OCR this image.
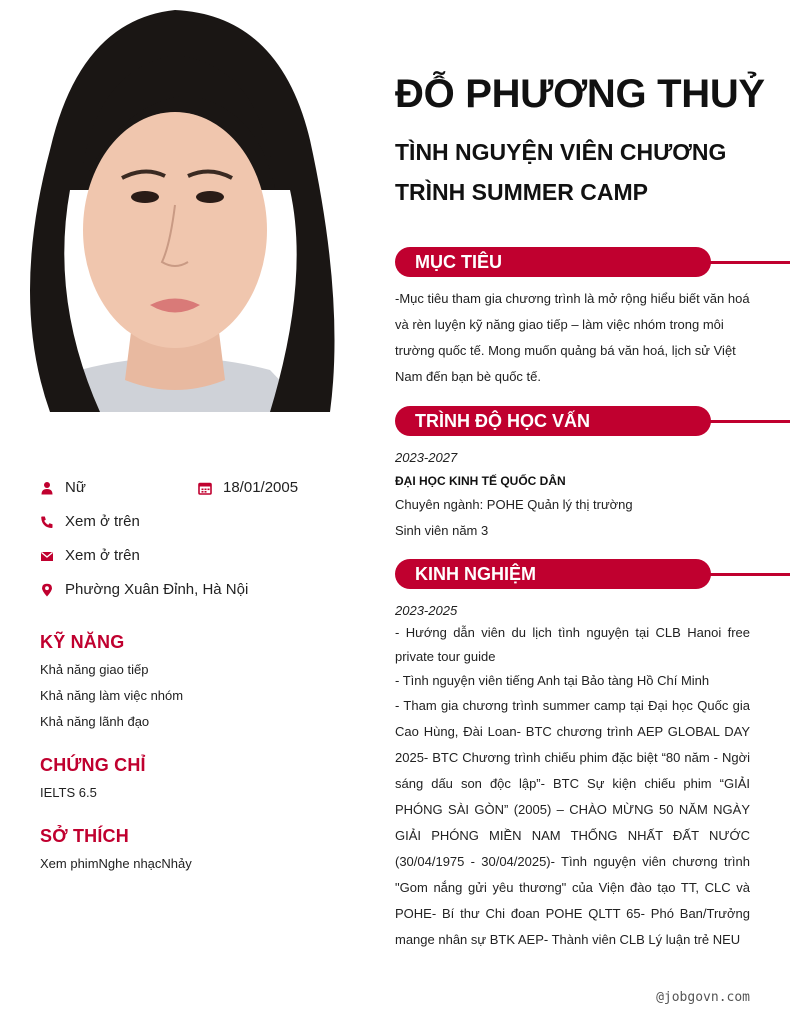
Nữ	18/01/2005
Xem ở trên
Xem ở trên
Phường Xuân Đỉnh, Hà Nội
KỸ NĂNG
Khả năng giao tiếp
Khả năng làm việc nhóm
Khả năng lãnh đạo
CHỨNG CHỈ
IELTS 6.5
SỞ THÍCH
Xem phimNghe nhạcNhảy
ĐỖ PHƯƠNG THUỶ
TÌNH NGUYỆN VIÊN CHƯƠNG TRÌNH SUMMER CAMP
MỤC TIÊU
-Mục tiêu tham gia chương trình là mở rộng hiểu biết văn hoá và rèn luyện kỹ năng giao tiếp – làm việc nhóm trong môi trường quốc tế. Mong muốn quảng bá văn hoá, lịch sử Việt Nam đến bạn bè quốc tế.
TRÌNH ĐỘ HỌC VẤN
2023-2027
ĐẠI HỌC KINH TẾ QUỐC DÂN
Chuyên ngành: POHE Quản lý thị trường
Sinh viên năm 3
KINH NGHIỆM
2023-2025
- Hướng dẫn viên du lịch tình nguyện tại CLB Hanoi free private tour guide
- Tình nguyện viên tiếng Anh tại Bảo tàng Hồ Chí Minh
- Tham gia chương trình summer camp tại Đại học Quốc gia Cao Hùng, Đài Loan- BTC chương trình AEP GLOBAL DAY 2025- BTC Chương trình chiếu phim đặc biệt “80 năm - Ngời sáng dấu son độc lập”- BTC Sự kiện chiếu phim “GIẢI PHÓNG SÀI GÒN” (2005) – CHÀO MỪNG 50 NĂM NGÀY GIẢI PHÓNG MIỀN NAM THỐNG NHẤT ĐẤT NƯỚC (30/04/1975 - 30/04/2025)- Tình nguyện viên chương trình "Gom nắng gửi yêu thương" của Viện đào tạo TT, CLC và POHE- Bí thư Chi đoan POHE QLTT 65- Phó Ban/Trưởng mange nhân sự BTK AEP- Thành viên CLB Lý luận trẻ NEU
@jobgovn.com
